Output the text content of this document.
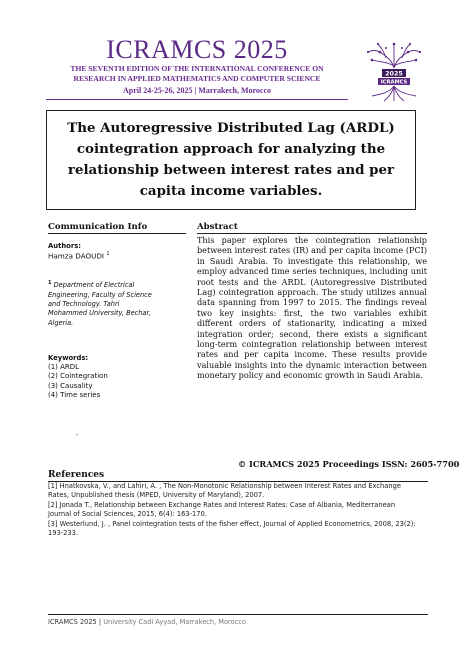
ICRAMCS 2025
THE SEVENTH EDITION OF THE INTERNATIONAL CONFERENCE ON
RESEARCH IN APPLIED MATHEMATICS AND COMPUTER SCIENCE
April 24-25-26, 2025 | Marrakech, Morocco
2025
ICRAMCS
The Autoregressive Distributed Lag (ARDL)
cointegration approach for analyzing the
relationship between interest rates and per
capita income variables.
Communication Info
Authors:
Hamza DAOUDI $^1$
$^1$ Department of Electrical
Engineering, Faculty of Science
and Technology. Tahri
Mohammed University, Bechar,
Algeria.
Keywords:
(1) ARDL
(2) Cointegration
(3) Causality
(4) Time series
,
Abstract
This paper explores the cointegration relationship between interest rates (IR) and per capita income (PCI) in Saudi Arabia. To investigate this relationship, we employ advanced time series techniques, including unit root tests and the ARDL (Autoregressive Distributed Lag) cointegration approach. The study utilizes annual data spanning from 1997 to 2015. The findings reveal two key insights: first, the two variables exhibit different orders of stationarity, indicating a mixed integration order; second, there exists a significant long-term cointegration relationship between interest rates and per capita income. These results provide valuable insights into the dynamic interaction between monetary policy and economic growth in Saudi Arabia.
© ICRAMCS 2025 Proceedings ISSN: 2605-7700
References
[1] Hnatkovska, V., and Lahiri, A. , The Non-Monotonic Relationship between Interest Rates and Exchange
Rates, Unpublished thesis (MPED, University of Maryland), 2007.
[2] Jonada T., Relationship between Exchange Rates and Interest Rates: Case of Albania, Mediterranean
Journal of Social Sciences, 2015, 6(4): 163-170.
[3] Westerlund, J. , Panel cointegration tests of the fisher effect, Journal of Applied Econometrics, 2008, 23(2):
193-233.
ICRAMCS 2025 | University Cadi Ayyad, Marrakech, Morocco
